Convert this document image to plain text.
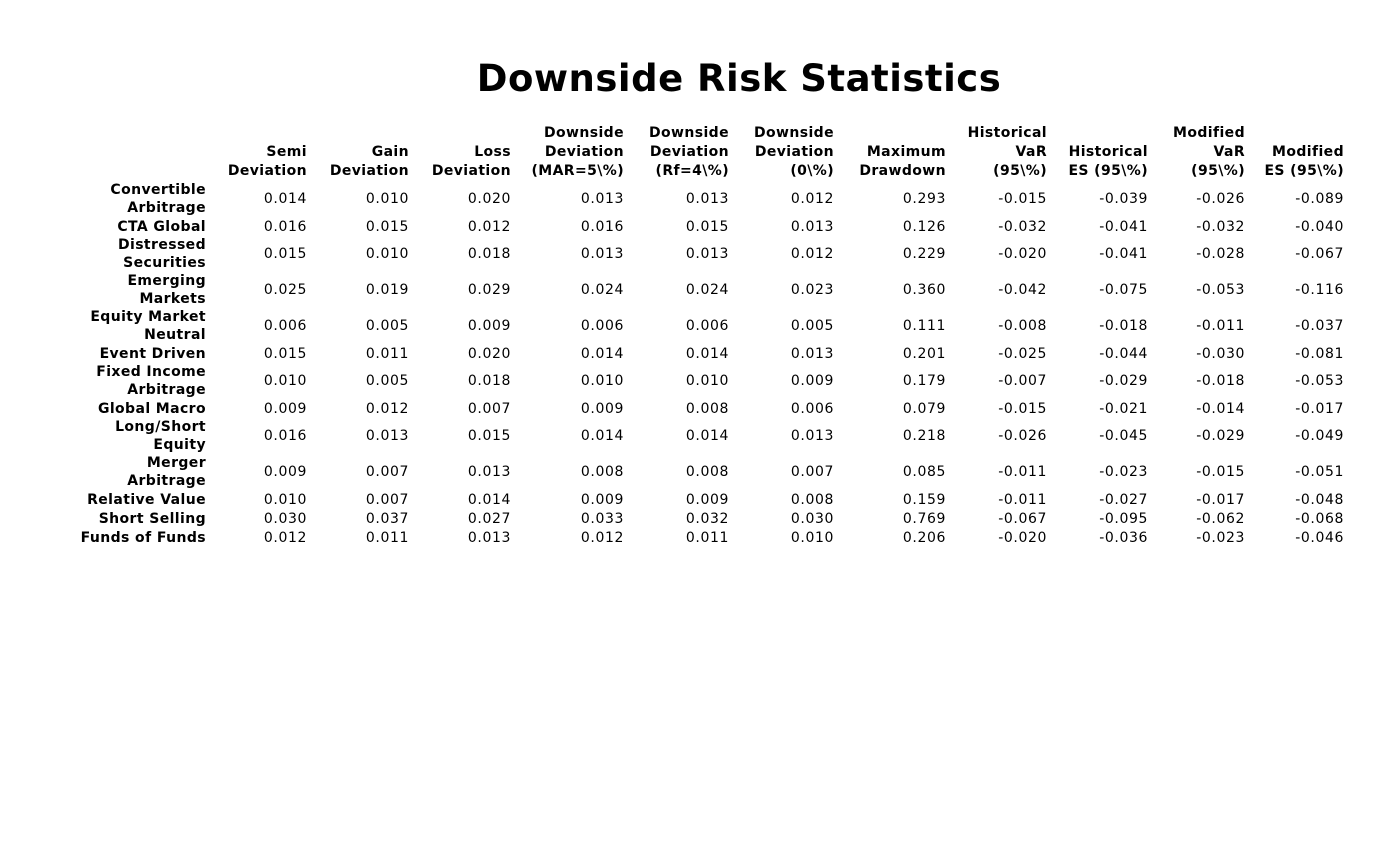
Downside Risk Statistics

	Semi
Deviation	Gain
Deviation	Loss
Deviation	Downside
Deviation
(MAR=5\%)	Downside
Deviation
(Rf=4\%)	Downside
Deviation
(0\%)	Maximum
Drawdown	Historical
VaR
(95\%)	Historical
ES (95\%)	Modified
VaR
(95\%)	Modified
ES (95\%)

Convertible
Arbitrage	0.014	0.010	0.020	0.013	0.013	0.012	0.293	-0.015	-0.039	-0.026	-0.089

CTA Global	0.016	0.015	0.012	0.016	0.015	0.013	0.126	-0.032	-0.041	-0.032	-0.040

Distressed
Securities	0.015	0.010	0.018	0.013	0.013	0.012	0.229	-0.020	-0.041	-0.028	-0.067

Emerging
Markets	0.025	0.019	0.029	0.024	0.024	0.023	0.360	-0.042	-0.075	-0.053	-0.116

Equity Market
Neutral	0.006	0.005	0.009	0.006	0.006	0.005	0.111	-0.008	-0.018	-0.011	-0.037

Event Driven	0.015	0.011	0.020	0.014	0.014	0.013	0.201	-0.025	-0.044	-0.030	-0.081

Fixed Income
Arbitrage	0.010	0.005	0.018	0.010	0.010	0.009	0.179	-0.007	-0.029	-0.018	-0.053

Global Macro	0.009	0.012	0.007	0.009	0.008	0.006	0.079	-0.015	-0.021	-0.014	-0.017

Long/Short
Equity	0.016	0.013	0.015	0.014	0.014	0.013	0.218	-0.026	-0.045	-0.029	-0.049

Merger
Arbitrage	0.009	0.007	0.013	0.008	0.008	0.007	0.085	-0.011	-0.023	-0.015	-0.051

Relative Value	0.010	0.007	0.014	0.009	0.009	0.008	0.159	-0.011	-0.027	-0.017	-0.048

Short Selling	0.030	0.037	0.027	0.033	0.032	0.030	0.769	-0.067	-0.095	-0.062	-0.068

Funds of Funds	0.012	0.011	0.013	0.012	0.011	0.010	0.206	-0.020	-0.036	-0.023	-0.046
